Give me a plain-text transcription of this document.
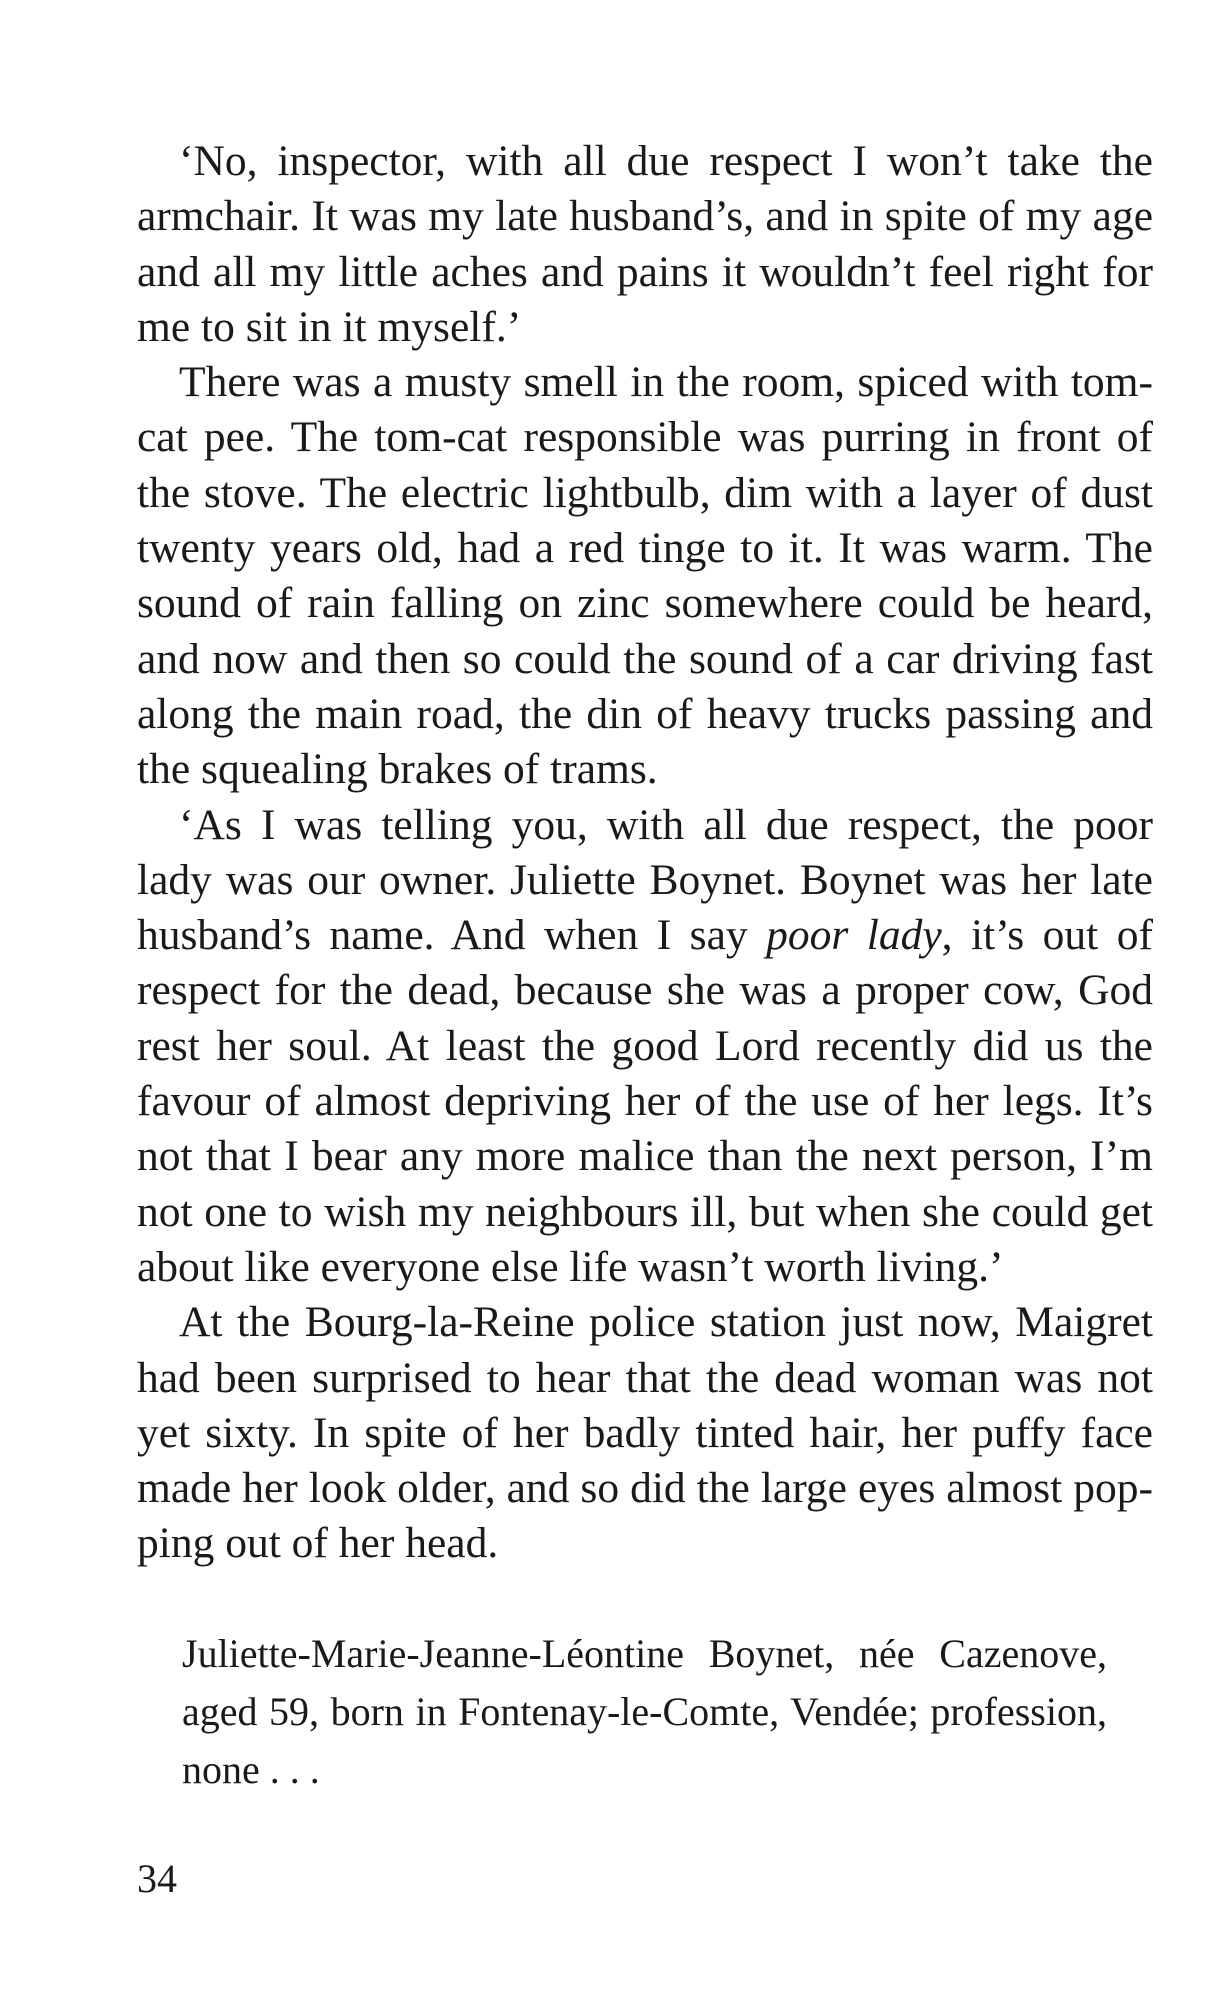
‘No, inspector, with all due respect I won’t take the armchair. It was my late husband’s, and in spite of my age and all my little aches and pains it wouldn’t feel right for me to sit in it myself.’

There was a musty smell in the room, spiced with tomcat pee. The tom-cat responsible was purring in front of the stove. The electric lightbulb, dim with a layer of dust twenty years old, had a red tinge to it. It was warm. The sound of rain falling on zinc somewhere could be heard, and now and then so could the sound of a car driving fast along the main road, the din of heavy trucks passing and the squealing brakes of trams.

‘As I was telling you, with all due respect, the poor lady was our owner. Juliette Boynet. Boynet was her late husband’s name. And when I say poor lady, it’s out of respect for the dead, because she was a proper cow, God rest her soul. At least the good Lord recently did us the favour of almost depriving her of the use of her legs. It’s not that I bear any more malice than the next person, I’m not one to wish my neighbours ill, but when she could get about like everyone else life wasn’t worth living.’

At the Bourg-la-Reine police station just now, Maigret had been surprised to hear that the dead woman was not yet sixty. In spite of her badly tinted hair, her puffy face made her look older, and so did the large eyes almost popping out of her head.

Juliette-Marie-Jeanne-Léontine Boynet, née Cazenove, aged 59, born in Fontenay-le-Comte, Vendée; profession, none . . .
34
